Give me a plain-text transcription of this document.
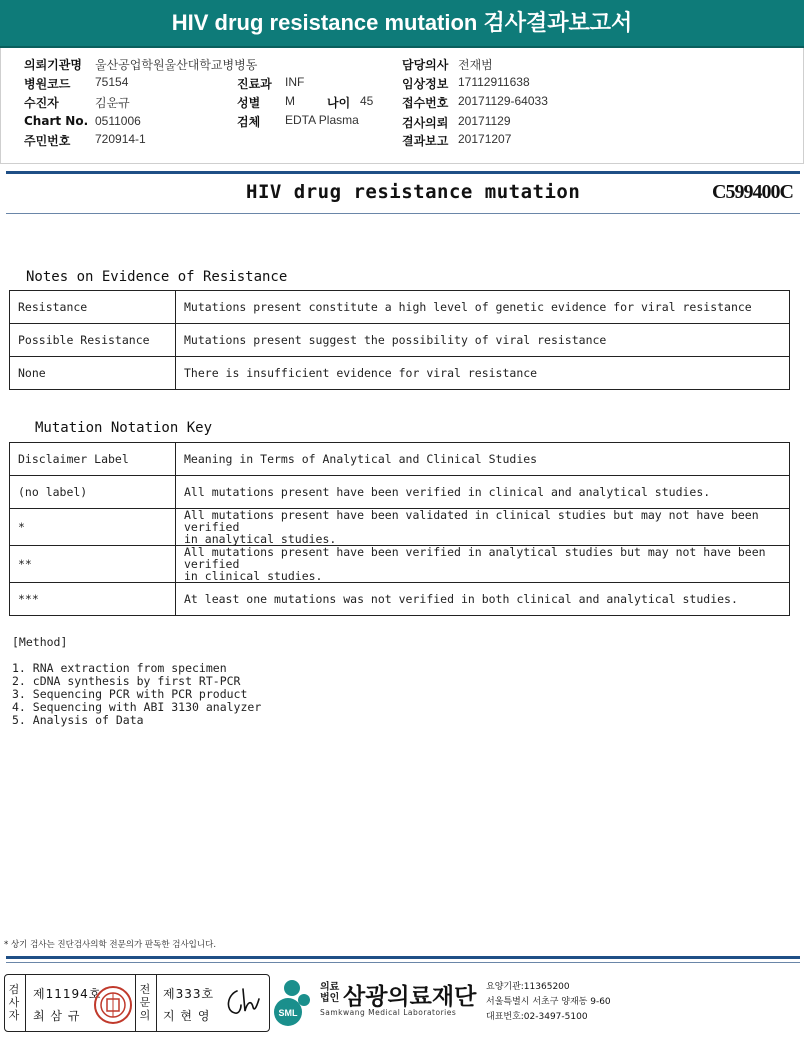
HIV drug resistance mutation 검사결과보고서
의뢰기관명 울산공업학원울산대학교병병동
병원코드 75154
수진자	김운규
Chart No. 0511006
주민번호 720914-1
진료과 INF
성별 M	나이 45
검체 EDTA Plasma
담당의사 전재범
임상정보 17112911638
접수번호 20171129-64033
검사의뢰 20171129
결과보고 20171207
HIV drug resistance mutation	C599400C
Notes on Evidence of Resistance
Resistance	Mutations present constitute a high level of genetic evidence for viral resistance
Possible Resistance	Mutations present suggest the possibility of viral resistance
None	There is insufficient evidence for viral resistance
Mutation Notation Key
Disclaimer Label	Meaning in Terms of Analytical and Clinical Studies
(no label)	All mutations present have been verified in clinical and analytical studies.

*	All mutations present have been validated in clinical studies but may not have been verified
in analytical studies.

**	All mutations present have been verified in analytical studies but may not have been verified
in clinical studies.

***	At least one mutations was not verified in both clinical and analytical studies.
[Method]
1. RNA extraction from specimen
2. cDNA synthesis by first RT-PCR
3. Sequencing PCR with PCR product
4. Sequencing with ABI 3130 analyzer
5. Analysis of Data
* 상기 검사는 진단검사의학 전문의가 판독한 검사입니다.
검사자
제11194호
최 삼 규
전문의
제333호
지 현 영	SML
의료
법인 삼광의료재단
Samkwang Medical Laboratories
요양기관:11365200
서울특별시 서초구 양재동 9-60
대표번호:02-3497-5100
